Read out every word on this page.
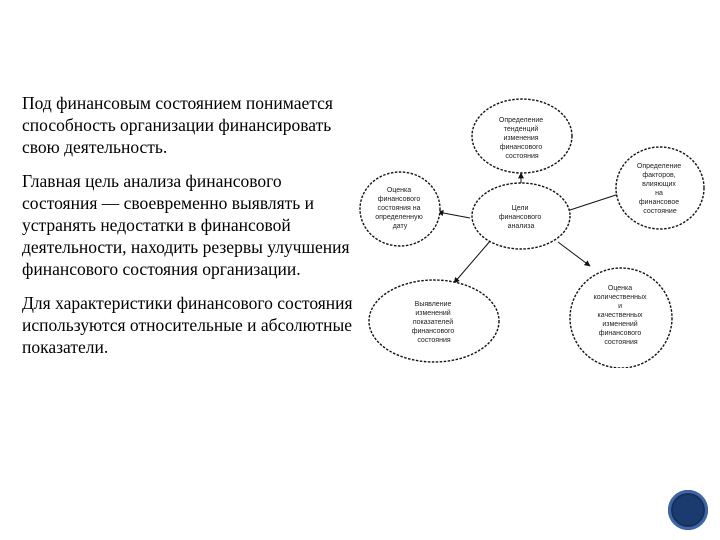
Под финансовым состоянием понимается способность организации финансировать свою деятельность.

Главная цель анализа финансового состояния — своевременно выявлять и устранять недостатки в финансовой деятельности, находить резервы улучшения финансового состояния организации.

Для характеристики финансового состояния используются относительные и абсолютные показатели.

Цели финансового анализа
Определение тенденций изменения финансового состояния
Определение факторов, влияющих на финансовое состояние
Оценка количественных и качественных изменений финансового состояния
Выявление изменений показателей финансового состояния
Оценка финансового состояния на определенную дату
